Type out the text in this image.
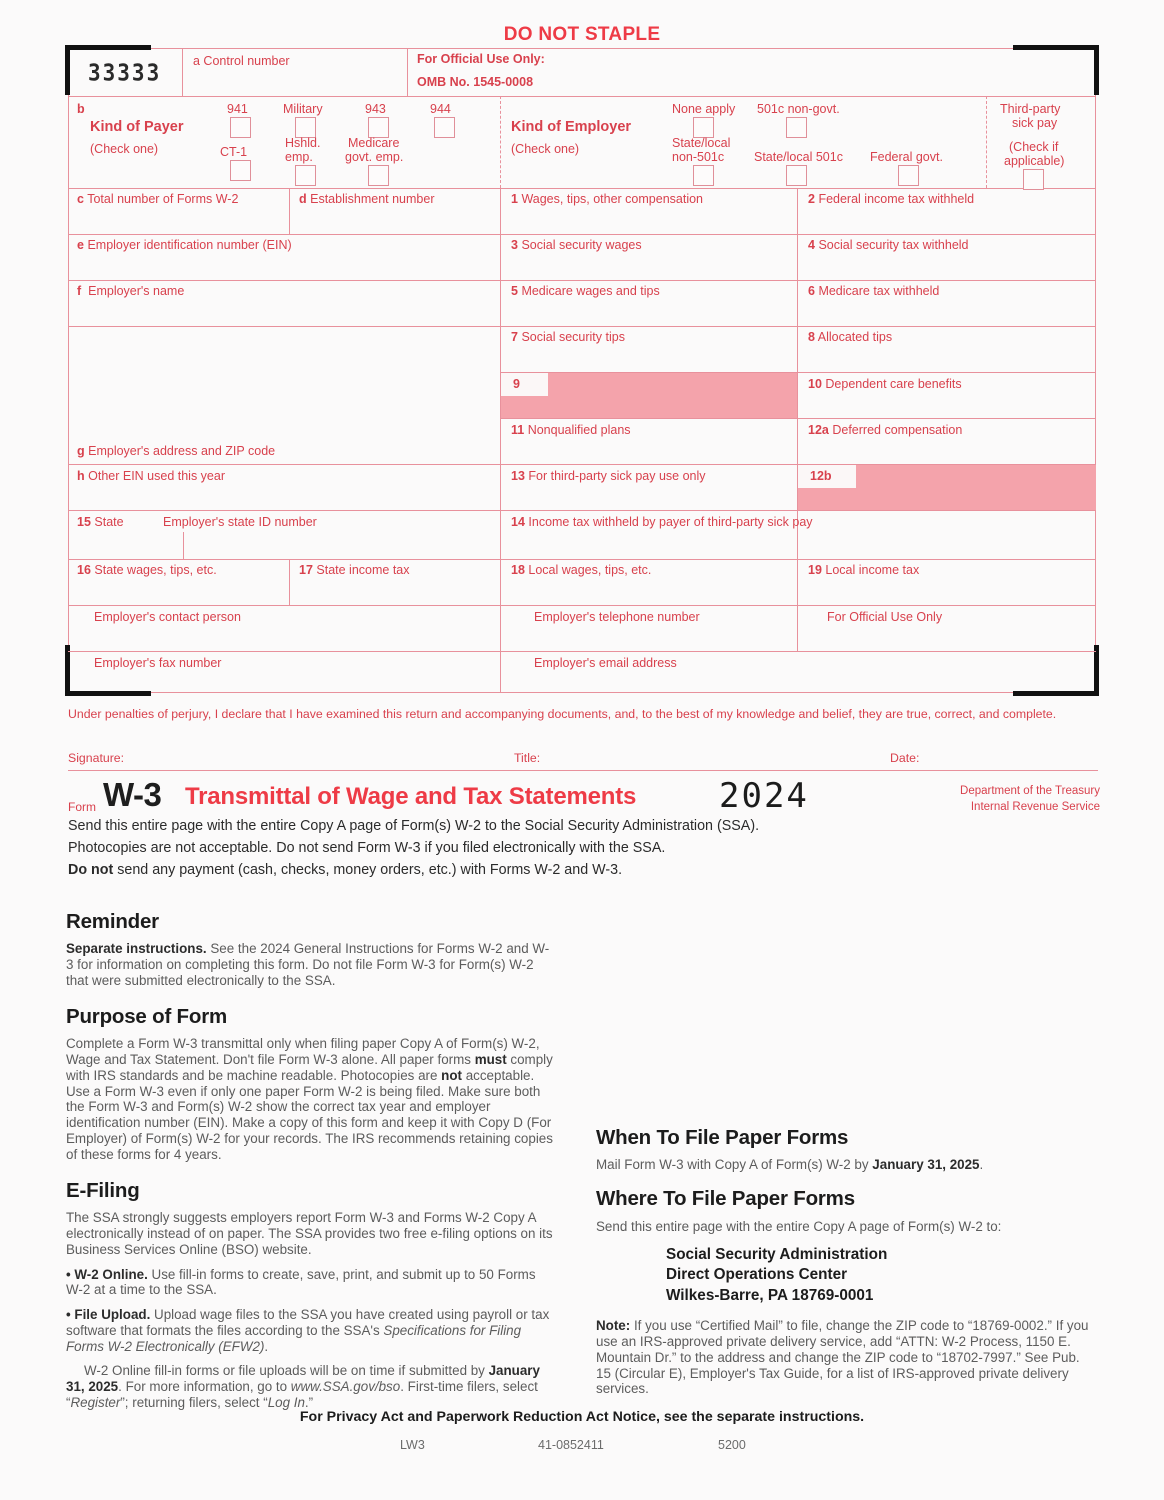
DO NOT STAPLE
33333	a Control number	For Official Use Only:
OMB No. 1545-0008
b
Kind of Payer
(Check one)
941
CT-1
Military
Hshld.
emp.
943
Medicare
govt. emp.
944
Kind of Employer
(Check one)
None apply
State/local
non-501c
501c non-govt.
State/local 501c Federal govt.
Third-party
sick pay
(Check if
applicable)
c Total number of Forms W-2	d Establishment number	1 Wages, tips, other compensation	2 Federal income tax withheld
e Employer identification number (EIN)	3 Social security wages	4 Social security tax withheld
f Employer's name	5 Medicare wages and tips	6 Medicare tax withheld
7 Social security tips	8 Allocated tips
9	10 Dependent care benefits
11 Nonqualified plans	12a Deferred compensation
g Employer's address and ZIP code
h Other EIN used this year	13 For third-party sick pay use only	12b
15 State	Employer's state ID number	14 Income tax withheld by payer of third-party sick pay
16 State wages, tips, etc.	17 State income tax	18 Local wages, tips, etc.	19 Local income tax
Employer's contact person	Employer's telephone number	For Official Use Only
Employer's fax number	Employer's email address
Under penalties of perjury, I declare that I have examined this return and accompanying documents, and, to the best of my knowledge and belief, they are true, correct, and complete.
Signature:	Title:	Date:
Form W-3 Transmittal of Wage and Tax Statements 2024	Department of the Treasury
Internal Revenue Service
Send this entire page with the entire Copy A page of Form(s) W-2 to the Social Security Administration (SSA).
Photocopies are not acceptable. Do not send Form W-3 if you filed electronically with the SSA.
Do not send any payment (cash, checks, money orders, etc.) with Forms W-2 and W-3.
Reminder
Separate instructions. See the 2024 General Instructions for Forms W-2 and W-3 for information on completing this form. Do not file Form W-3 for Form(s) W-2 that were submitted electronically to the SSA.
Purpose of Form
Complete a Form W-3 transmittal only when filing paper Copy A of Form(s) W-2, Wage and Tax Statement. Don't file Form W-3 alone. All paper forms must comply with IRS standards and be machine readable. Photocopies are not acceptable. Use a Form W-3 even if only one paper Form W-2 is being filed. Make sure both the Form W-3 and Form(s) W-2 show the correct tax year and employer identification number (EIN). Make a copy of this form and keep it with Copy D (For Employer) of Form(s) W-2 for your records. The IRS recommends retaining copies of these forms for 4 years.
E-Filing
The SSA strongly suggests employers report Form W-3 and Forms W-2 Copy A electronically instead of on paper. The SSA provides two free e-filing options on its Business Services Online (BSO) website.
• W-2 Online. Use fill-in forms to create, save, print, and submit up to 50 Forms W-2 at a time to the SSA.
• File Upload. Upload wage files to the SSA you have created using payroll or tax software that formats the files according to the SSA's Specifications for Filing Forms W-2 Electronically (EFW2).
W-2 Online fill-in forms or file uploads will be on time if submitted by January 31, 2025. For more information, go to www.SSA.gov/bso. First-time filers, select “Register”; returning filers, select “Log In.”
When To File Paper Forms
Mail Form W-3 with Copy A of Form(s) W-2 by January 31, 2025.
Where To File Paper Forms
Send this entire page with the entire Copy A page of Form(s) W-2 to:
Social Security Administration
Direct Operations Center
Wilkes-Barre, PA 18769-0001
Note: If you use “Certified Mail” to file, change the ZIP code to “18769-0002.” If you use an IRS-approved private delivery service, add “ATTN: W-2 Process, 1150 E. Mountain Dr.” to the address and change the ZIP code to “18702-7997.” See Pub. 15 (Circular E), Employer's Tax Guide, for a list of IRS-approved private delivery services.
For Privacy Act and Paperwork Reduction Act Notice, see the separate instructions.
LW3	41-0852411	5200
